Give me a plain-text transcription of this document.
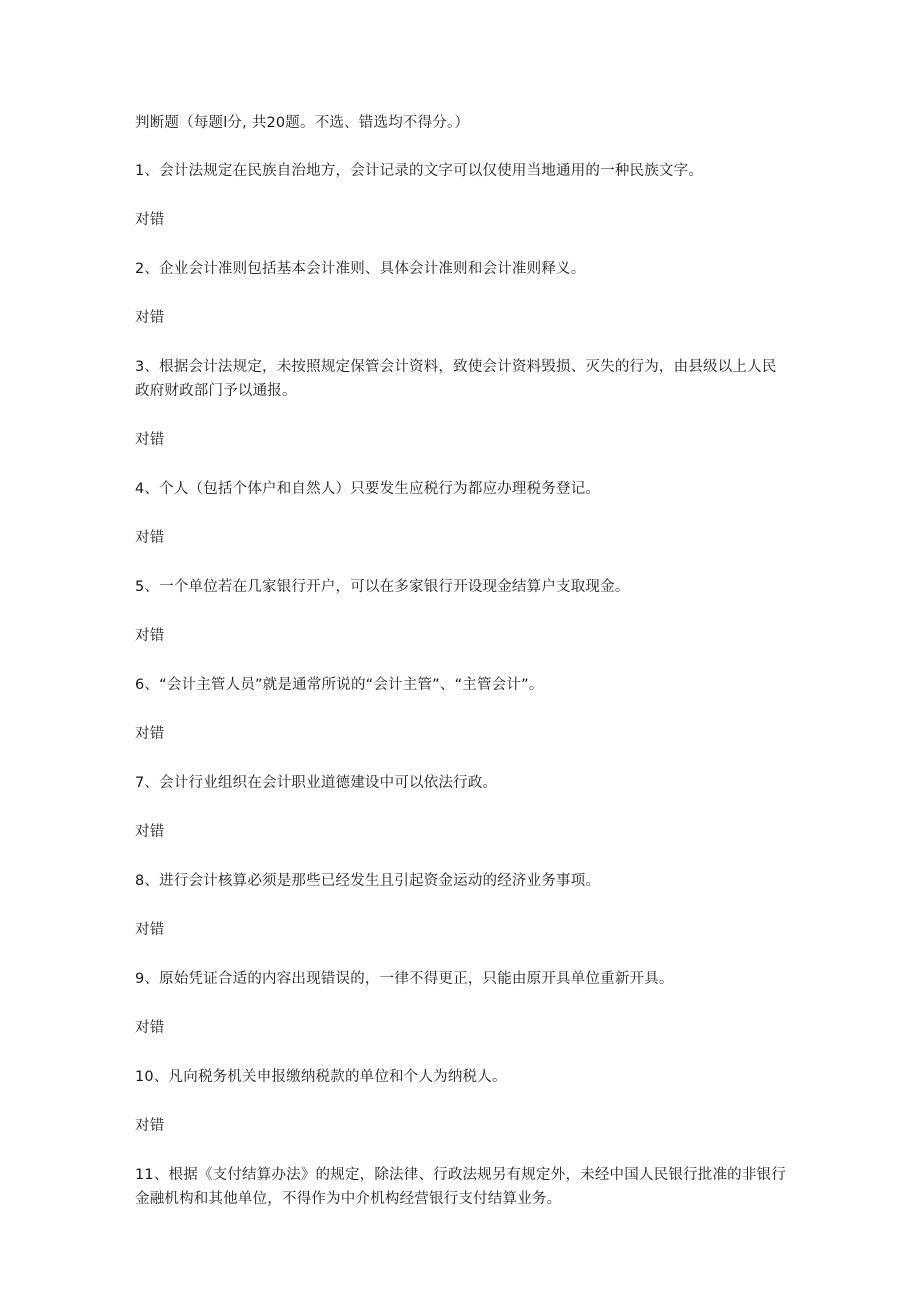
判断题（每题l分, 共20题。不选、错选均不得分。）

1、会计法规定在民族自治地方，会计记录的文字可以仅使用当地通用的一种民族文字。

对错

2、企业会计准则包括基本会计准则、具体会计准则和会计准则释义。

对错

3、根据会计法规定，未按照规定保管会计资料，致使会计资料毁损、灭失的行为，由县级以上人民政府财政部门予以通报。

对错

4、个人（包括个体户和自然人）只要发生应税行为都应办理税务登记。

对错

5、一个单位若在几家银行开户，可以在多家银行开设现金结算户支取现金。

对错

6、“会计主管人员”就是通常所说的“会计主管”、“主管会计”。

对错

7、会计行业组织在会计职业道德建设中可以依法行政。

对错

8、进行会计核算必须是那些已经发生且引起资金运动的经济业务事项。

对错

9、原始凭证合适的内容出现错误的，一律不得更正，只能由原开具单位重新开具。

对错

10、凡向税务机关申报缴纳税款的单位和个人为纳税人。

对错

11、根据《支付结算办法》的规定，除法律、行政法规另有规定外，未经中国人民银行批准的非银行金融机构和其他单位，不得作为中介机构经营银行支付结算业务。
